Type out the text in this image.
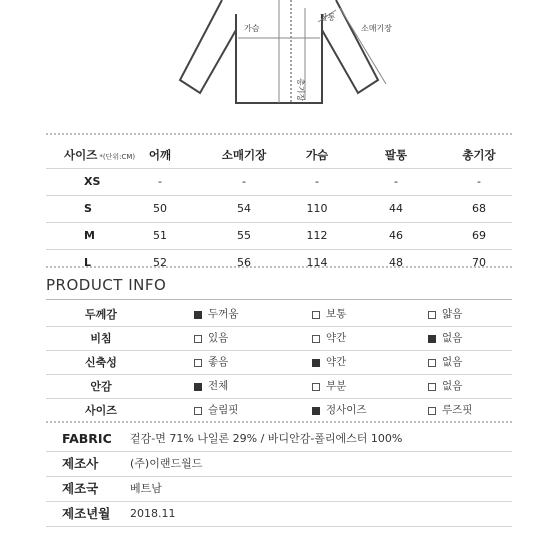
가슴
팔통
소매기장
총기장
사이즈 *(단위:CM)	어깨	소매기장	가슴	팔통	총기장
XS	-	-	-	-	-
S	50	54	110	44	68
M	51	55	112	46	69
L	52	56	114	48	70
PRODUCT INFO
두께감	두꺼움	보통	얇음
비침	있음	약간	없음
신축성	좋음	약간	없음
안감	전체	부분	없음
사이즈	슬림핏	정사이즈	루즈핏
FABRIC 겉감-면 71% 나일론 29% / 바디안감-폴리에스터 100%
제조사	(주)이랜드월드
제조국	베트남
제조년월 2018.11
